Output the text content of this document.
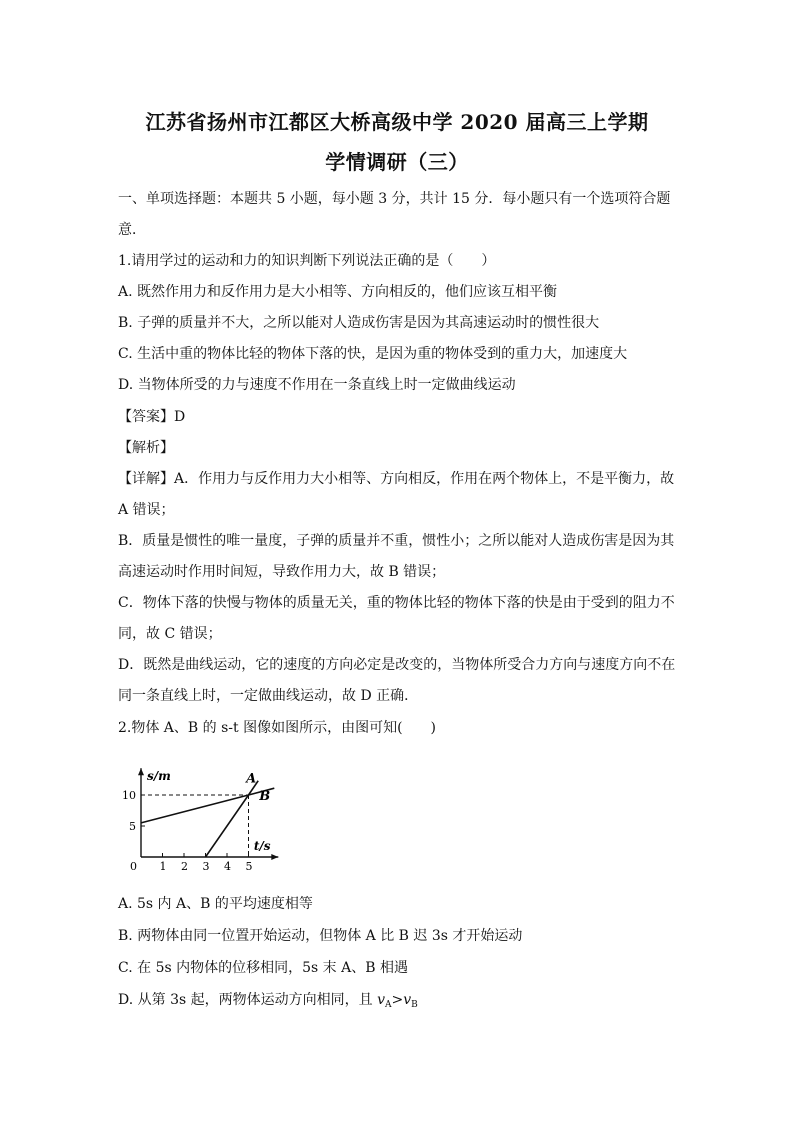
江苏省扬州市江都区大桥高级中学 2020 届高三上学期
学情调研（三）
一、单项选择题：本题共 5 小题，每小题 3 分，共计 15 分．每小题只有一个选项符合题
意．
1.请用学过的运动和力的知识判断下列说法正确的是（　　）
A. 既然作用力和反作用力是大小相等、方向相反的，他们应该互相平衡
B. 子弹的质量并不大，之所以能对人造成伤害是因为其高速运动时的惯性很大
C. 生活中重的物体比轻的物体下落的快，是因为重的物体受到的重力大，加速度大
D. 当物体所受的力与速度不作用在一条直线上时一定做曲线运动
【答案】D
【解析】
【详解】A．作用力与反作用力大小相等、方向相反，作用在两个物体上，不是平衡力，故
A 错误；
B．质量是惯性的唯一量度，子弹的质量并不重，惯性小；之所以能对人造成伤害是因为其
高速运动时作用时间短，导致作用力大，故 B 错误；
C．物体下落的快慢与物体的质量无关，重的物体比轻的物体下落的快是由于受到的阻力不
同，故 C 错误；
D．既然是曲线运动，它的速度的方向必定是改变的，当物体所受合力方向与速度方向不在
同一条直线上时，一定做曲线运动，故 D 正确．
2.物体 A、B 的 s-t 图像如图所示，由图可知(　　)
s/m
t/s
0 1 2 3 4 5
5
10
A
B
A. 5s 内 A、B 的平均速度相等
B. 两物体由同一位置开始运动，但物体 A 比 B 迟 3s 才开始运动
C. 在 5s 内物体的位移相同，5s 末 A、B 相遇
D. 从第 3s 起，两物体运动方向相同，且 $v_A>v_B$
